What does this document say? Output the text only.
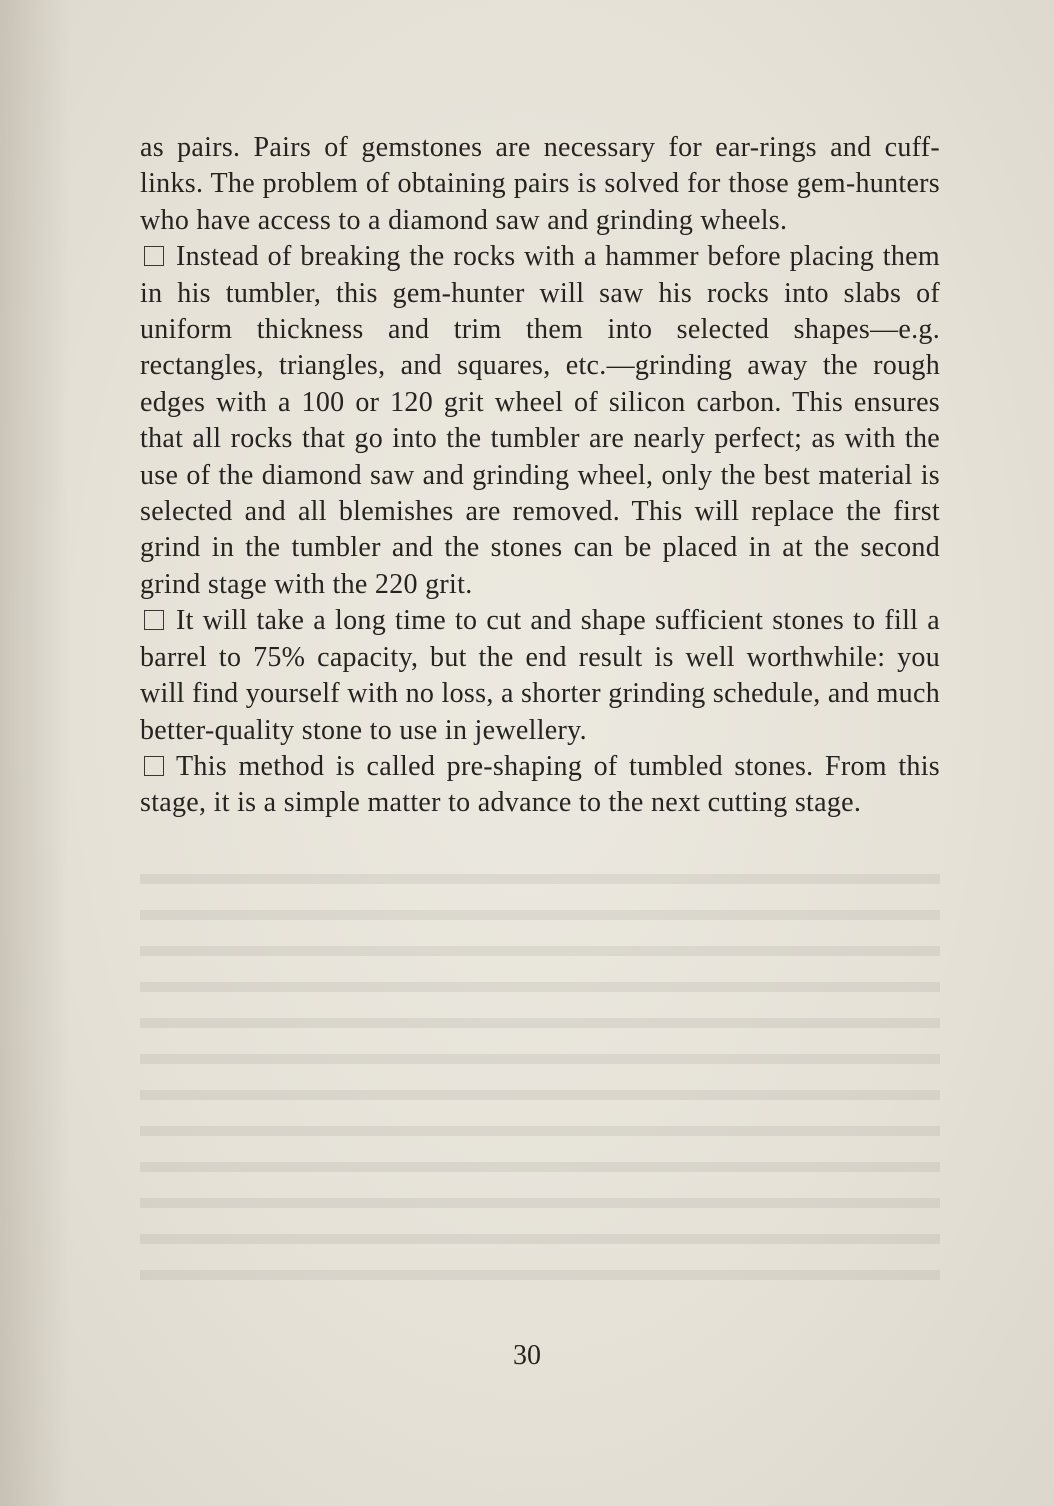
as pairs. Pairs of gemstones are necessary for ear-rings and cuff-links. The problem of obtaining pairs is solved for those gem-hunters who have access to a diamond saw and grinding wheels.

Instead of breaking the rocks with a hammer before placing them in his tumbler, this gem-hunter will saw his rocks into slabs of uniform thickness and trim them into selected shapes—e.g. rectangles, triangles, and squares, etc.—grinding away the rough edges with a 100 or 120 grit wheel of silicon carbon. This ensures that all rocks that go into the tumbler are nearly perfect; as with the use of the diamond saw and grinding wheel, only the best material is selected and all blemishes are removed. This will replace the first grind in the tumbler and the stones can be placed in at the second grind stage with the 220 grit.

It will take a long time to cut and shape sufficient stones to fill a barrel to 75% capacity, but the end result is well worthwhile: you will find yourself with no loss, a shorter grinding schedule, and much better-quality stone to use in jewellery.

This method is called pre-shaping of tumbled stones. From this stage, it is a simple matter to advance to the next cutting stage.

30
